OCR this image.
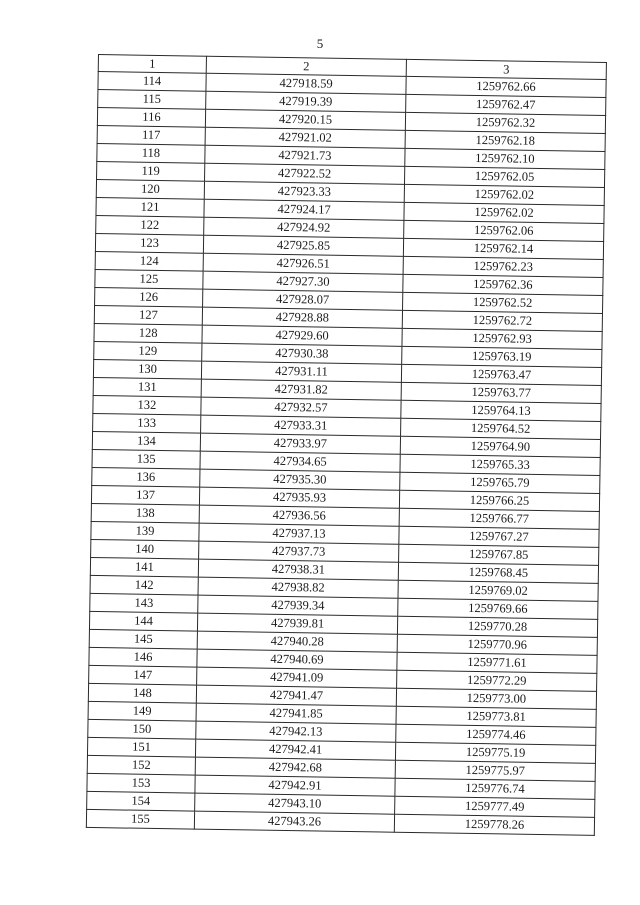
5
1	2	3
114	427918.59	1259762.66
115	427919.39	1259762.47
116	427920.15	1259762.32
117	427921.02	1259762.18
118	427921.73	1259762.10
119	427922.52	1259762.05
120	427923.33	1259762.02
121	427924.17	1259762.02
122	427924.92	1259762.06
123	427925.85	1259762.14
124	427926.51	1259762.23
125	427927.30	1259762.36
126	427928.07	1259762.52
127	427928.88	1259762.72
128	427929.60	1259762.93
129	427930.38	1259763.19
130	427931.11	1259763.47
131	427931.82	1259763.77
132	427932.57	1259764.13
133	427933.31	1259764.52
134	427933.97	1259764.90
135	427934.65	1259765.33
136	427935.30	1259765.79
137	427935.93	1259766.25
138	427936.56	1259766.77
139	427937.13	1259767.27
140	427937.73	1259767.85
141	427938.31	1259768.45
142	427938.82	1259769.02
143	427939.34	1259769.66
144	427939.81	1259770.28
145	427940.28	1259770.96
146	427940.69	1259771.61
147	427941.09	1259772.29
148	427941.47	1259773.00
149	427941.85	1259773.81
150	427942.13	1259774.46
151	427942.41	1259775.19
152	427942.68	1259775.97
153	427942.91	1259776.74
154	427943.10	1259777.49
155	427943.26	1259778.26
